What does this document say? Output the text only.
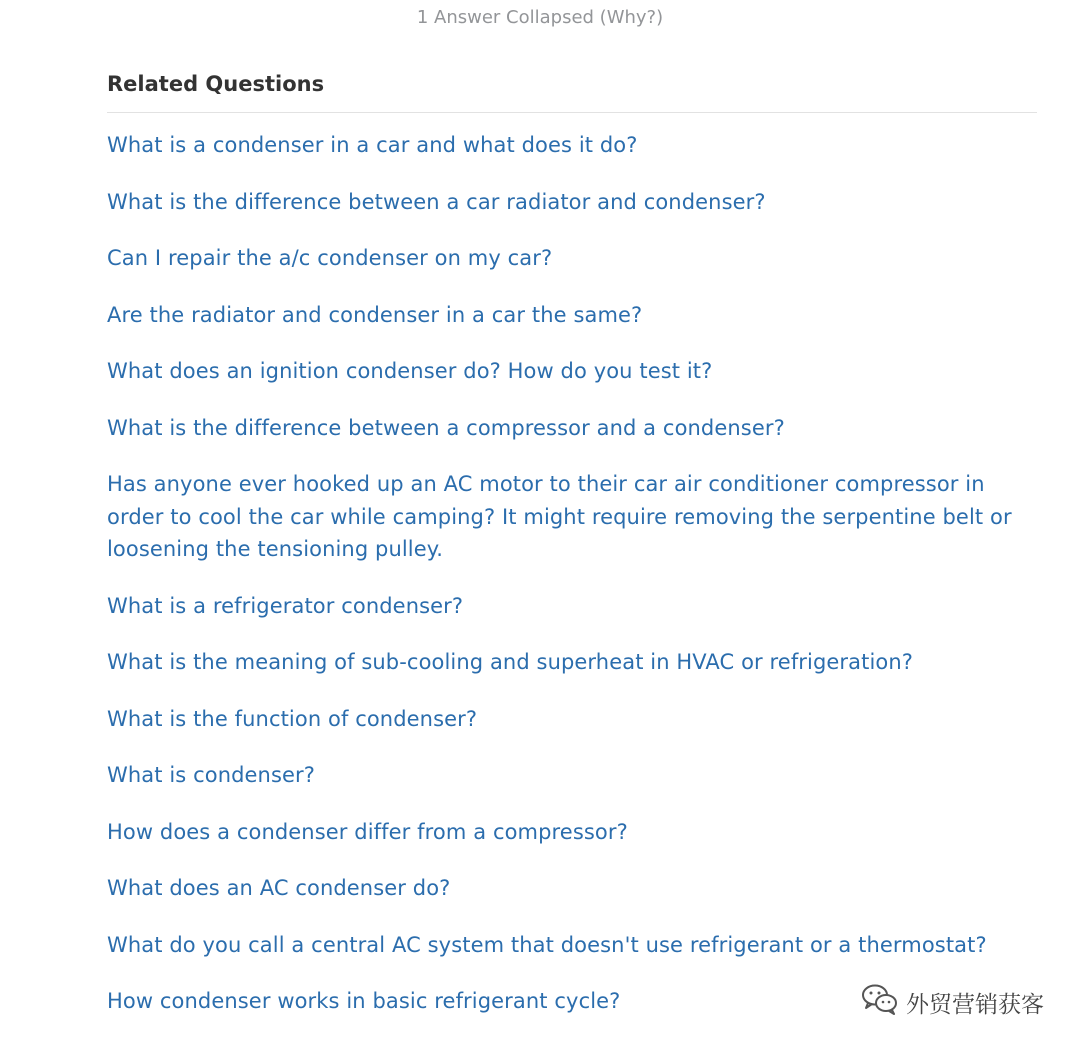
1 Answer Collapsed (Why?)
Related Questions
What is a condenser in a car and what does it do?
What is the difference between a car radiator and condenser?
Can I repair the a/c condenser on my car?
Are the radiator and condenser in a car the same?
What does an ignition condenser do? How do you test it?
What is the difference between a compressor and a condenser?
Has anyone ever hooked up an AC motor to their car air conditioner compressor in order to cool the car while camping? It might require removing the serpentine belt or loosening the tensioning pulley.
What is a refrigerator condenser?
What is the meaning of sub-cooling and superheat in HVAC or refrigeration?
What is the function of condenser?
What is condenser?
How does a condenser differ from a compressor?
What does an AC condenser do?
What do you call a central AC system that doesn't use refrigerant or a thermostat?
How condenser works in basic refrigerant cycle?	外贸营销获客
